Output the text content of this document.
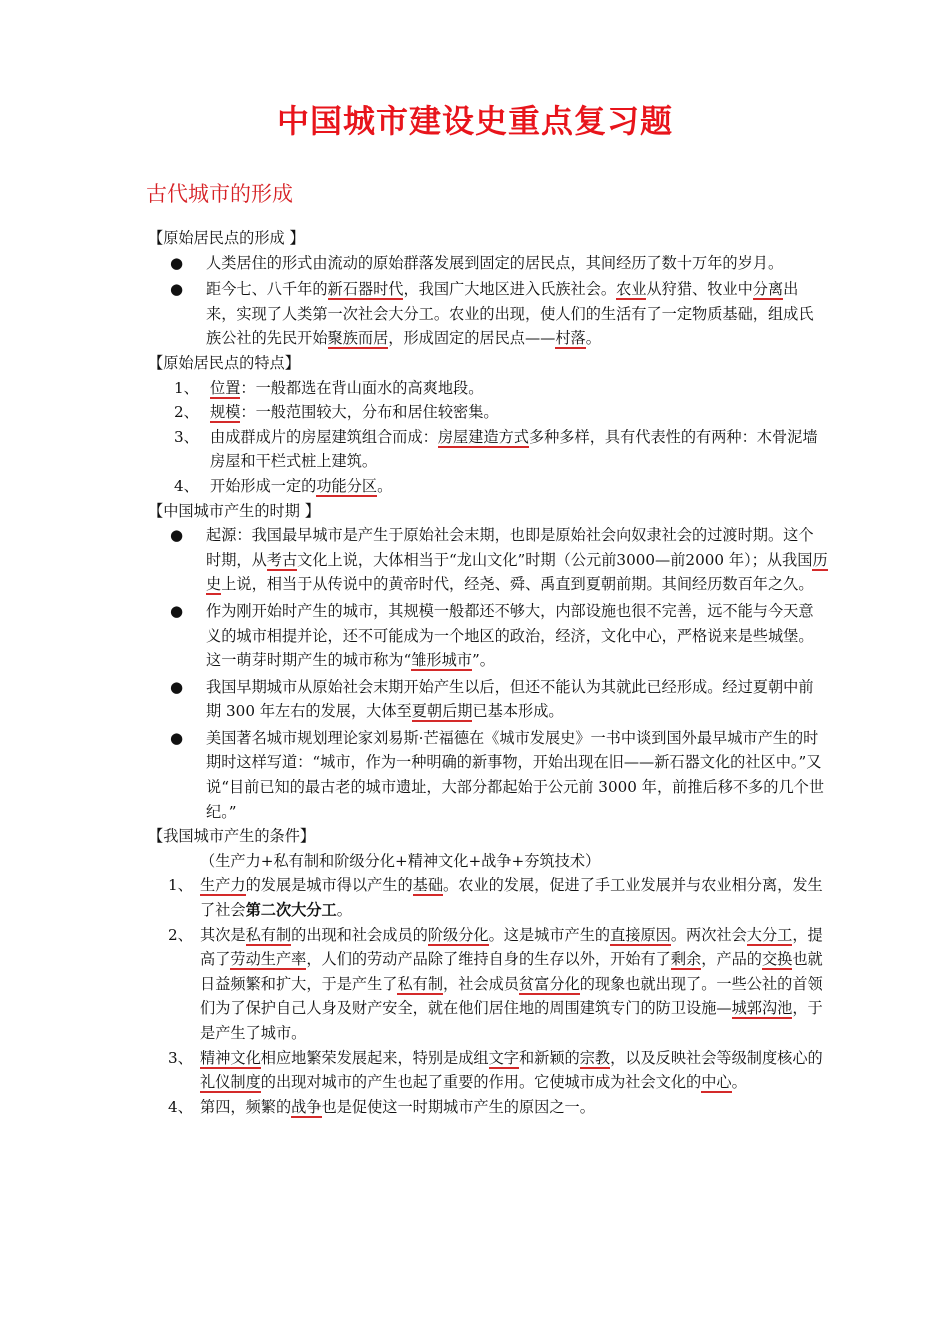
中国城市建设史重点复习题
古代城市的形成

【原始居民点的形成 】

● 人类居住的形式由流动的原始群落发展到固定的居民点，其间经历了数十万年的岁月。

● 距今七、八千年的新石器时代，我国广大地区进入氏族社会。农业从狩猎、牧业中分离出来，实现了人类第一次社会大分工。农业的出现，使人们的生活有了一定物质基础，组成氏族公社的先民开始聚族而居，形成固定的居民点——村落。

【原始居民点的特点】

1、 位置：一般都选在背山面水的高爽地段。

2、 规模：一般范围较大，分布和居住较密集。

3、 由成群成片的房屋建筑组合而成：房屋建造方式多种多样，具有代表性的有两种：木骨泥墙房屋和干栏式桩上建筑。

4、 开始形成一定的功能分区。

【中国城市产生的时期 】

● 起源：我国最早城市是产生于原始社会末期，也即是原始社会向奴隶社会的过渡时期。这个时期，从考古文化上说，大体相当于“龙山文化”时期（公元前3000—前2000 年）；从我国历史上说，相当于从传说中的黄帝时代，经尧、舜、禹直到夏朝前期。其间经历数百年之久。

● 作为刚开始时产生的城市，其规模一般都还不够大，内部设施也很不完善，远不能与今天意义的城市相提并论，还不可能成为一个地区的政治，经济，文化中心，严格说来是些城堡。这一萌芽时期产生的城市称为“雏形城市”。

● 我国早期城市从原始社会末期开始产生以后，但还不能认为其就此已经形成。经过夏朝中前期 300 年左右的发展，大体至夏朝后期已基本形成。

● 美国著名城市规划理论家刘易斯·芒福德在《城市发展史》一书中谈到国外最早城市产生的时期时这样写道：“城市，作为一种明确的新事物，开始出现在旧——新石器文化的社区中。”又说“目前已知的最古老的城市遗址，大部分都起始于公元前 3000 年，前推后移不多的几个世纪。”

【我国城市产生的条件】

（生产力+私有制和阶级分化+精神文化+战争+夯筑技术）

1、 生产力的发展是城市得以产生的基础。农业的发展，促进了手工业发展并与农业相分离，发生了社会第二次大分工。

2、 其次是私有制的出现和社会成员的阶级分化。这是城市产生的直接原因。两次社会大分工，提高了劳动生产率，人们的劳动产品除了维持自身的生存以外，开始有了剩余，产品的交换也就日益频繁和扩大，于是产生了私有制，社会成员贫富分化的现象也就出现了。一些公社的首领们为了保护自己人身及财产安全，就在他们居住地的周围建筑专门的防卫设施—城郭沟池，于是产生了城市。

3、 精神文化相应地繁荣发展起来，特别是成组文字和新颖的宗教，以及反映社会等级制度核心的礼仪制度的出现对城市的产生也起了重要的作用。它使城市成为社会文化的中心。

4、 第四，频繁的战争也是促使这一时期城市产生的原因之一。
